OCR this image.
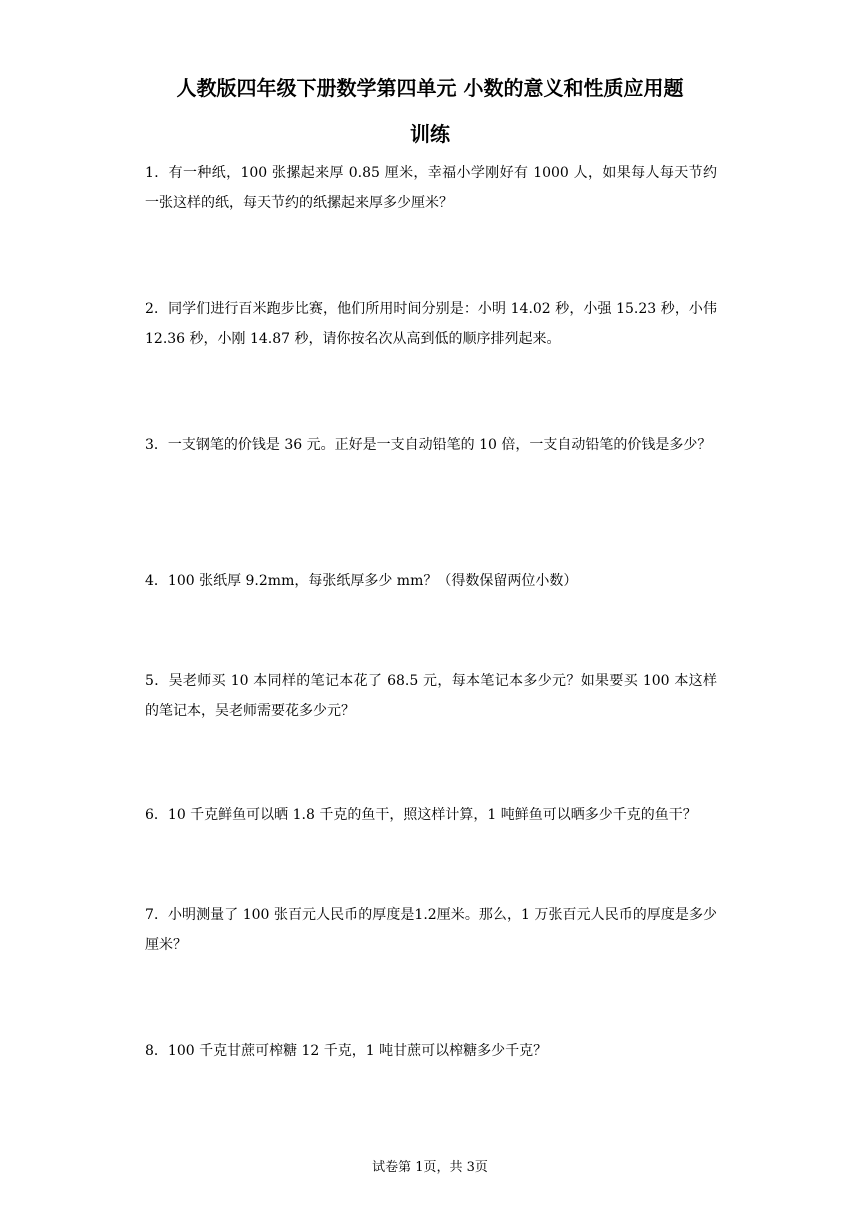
人教版四年级下册数学第四单元 小数的意义和性质应用题
训练

1．有一种纸，100 张摞起来厚 0.85 厘米，幸福小学刚好有 1000 人，如果每人每天节约一张这样的纸，每天节约的纸摞起来厚多少厘米？

2．同学们进行百米跑步比赛，他们所用时间分别是：小明 14.02 秒，小强 15.23 秒，小伟 12.36 秒，小刚 14.87 秒，请你按名次从高到低的顺序排列起来。

3．一支钢笔的价钱是 36 元。正好是一支自动铅笔的 10 倍，一支自动铅笔的价钱是多少？

4．100 张纸厚 9.2mm，每张纸厚多少 mm？（得数保留两位小数）

5．吴老师买 10 本同样的笔记本花了 68.5 元，每本笔记本多少元？如果要买 100 本这样的笔记本，吴老师需要花多少元？

6．10 千克鲜鱼可以晒 1.8 千克的鱼干，照这样计算，1 吨鲜鱼可以晒多少千克的鱼干？

7．小明测量了 100 张百元人民币的厚度是1.2厘米。那么，1 万张百元人民币的厚度是多少厘米？

8．100 千克甘蔗可榨糖 12 千克，1 吨甘蔗可以榨糖多少千克？

试卷第 1页，共 3页
